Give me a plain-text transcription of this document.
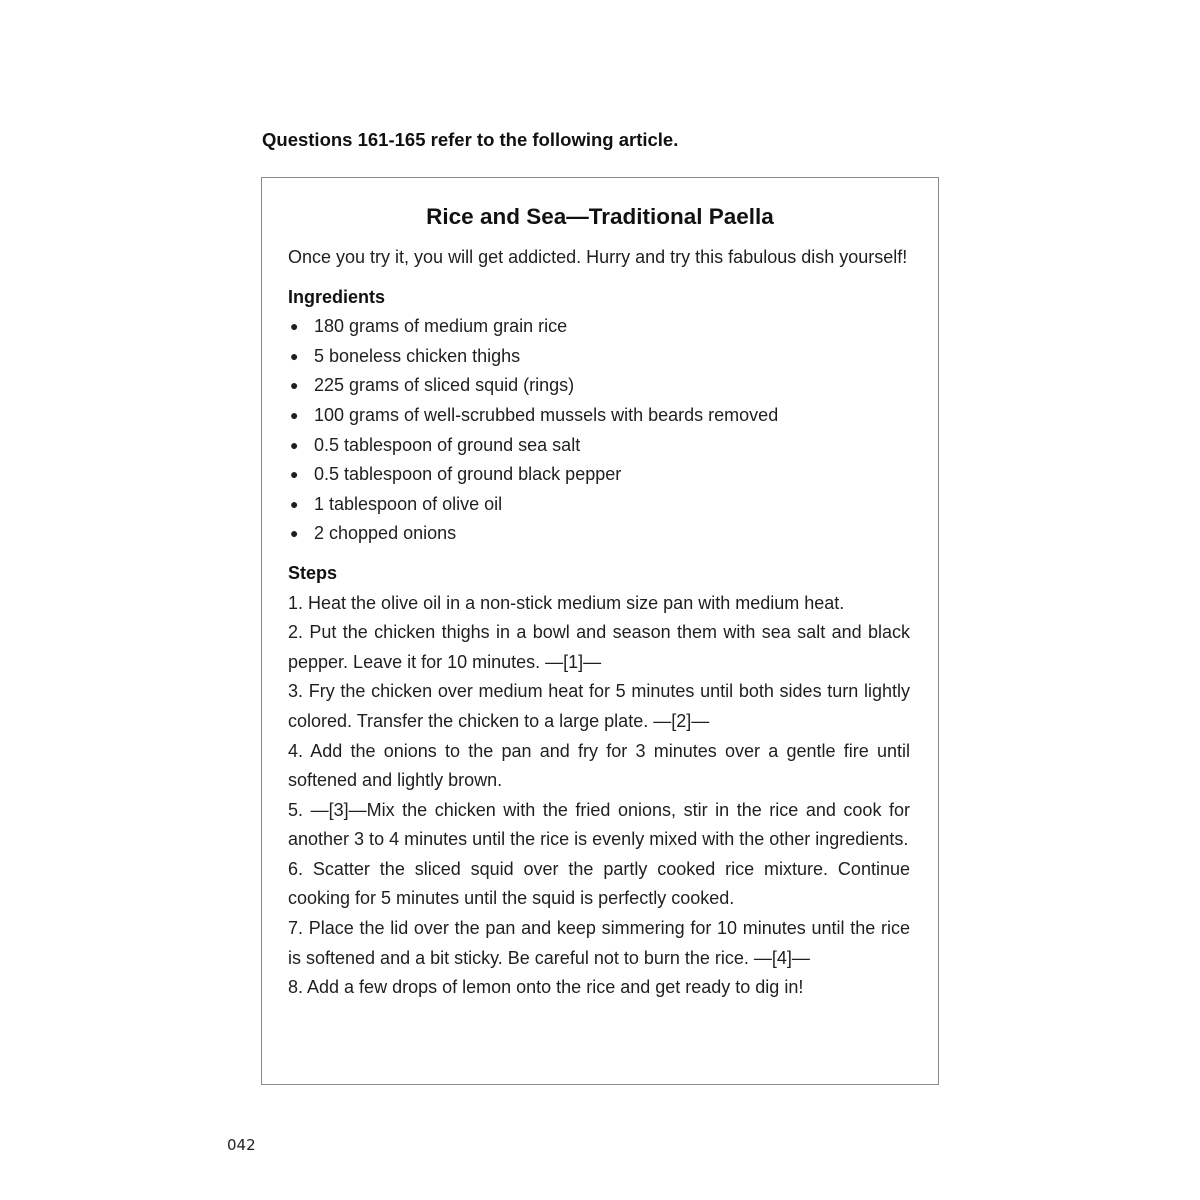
Questions 161-165 refer to the following article.
Rice and Sea—Traditional Paella

Once you try it, you will get addicted. Hurry and try this fabulous dish yourself!

Ingredients
● 180 grams of medium grain rice
● 5 boneless chicken thighs
● 225 grams of sliced squid (rings)
● 100 grams of well-scrubbed mussels with beards removed
● 0.5 tablespoon of ground sea salt
● 0.5 tablespoon of ground black pepper
● 1 tablespoon of olive oil
● 2 chopped onions
Steps
1. Heat the olive oil in a non-stick medium size pan with medium heat.
2. Put the chicken thighs in a bowl and season them with sea salt and black pepper. Leave it for 10 minutes. —[1]—
3. Fry the chicken over medium heat for 5 minutes until both sides turn lightly colored. Transfer the chicken to a large plate. —[2]—
4. Add the onions to the pan and fry for 3 minutes over a gentle fire until softened and lightly brown.
5. —[3]—Mix the chicken with the fried onions, stir in the rice and cook for another 3 to 4 minutes until the rice is evenly mixed with the other ingredients.
6. Scatter the sliced squid over the partly cooked rice mixture. Continue cooking for 5 minutes until the squid is perfectly cooked.
7. Place the lid over the pan and keep simmering for 10 minutes until the rice is softened and a bit sticky. Be careful not to burn the rice. —[4]—
8. Add a few drops of lemon onto the rice and get ready to dig in!
042
